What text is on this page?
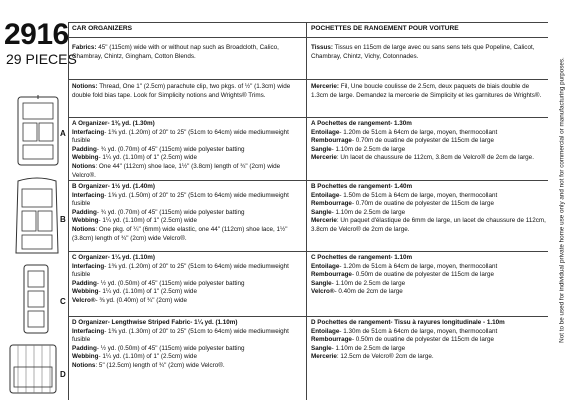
2916
29 PIECES
A
B
C
D
CAR ORGANIZERS
Fabrics: 45" (115cm) wide with or without nap such as Broadcloth, Calico, Chambray, Chintz, Gingham, Cotton Blends.
Notions: Thread, One 1" (2.5cm) parachute clip, two pkgs. of ½" (1.3cm) wide double fold bias tape. Look for Simplicity notions and Wrights® Trims.
A Organizer- 1⅜ yd. (1.30m)
Interfacing- 1⅜ yd. (1.20m) of 20" to 25" (51cm to 64cm) wide mediumweight fusible
Padding- ¾ yd. (0.70m) of 45" (115cm) wide polyester batting
Webbing- 1¼ yd. (1.10m) of 1" (2.5cm) wide
Notions: One 44" (112cm) shoe lace, 1½" (3.8cm) length of ¾" (2cm) wide Velcro®.
B Organizer- 1½ yd. (1.40m)
Interfacing- 1⅝ yd. (1.50m) of 20" to 25" (51cm to 64cm) wide mediumweight fusible
Padding- ¾ yd. (0.70m) of 45" (115cm) wide polyester batting
Webbing- 1¼ yd. (1.10m) of 1" (2.5cm) wide
Notions: One pkg. of ¼" (6mm) wide elastic, one 44" (112cm) shoe lace, 1½" (3.8cm) length of ¾" (2cm) wide Velcro®.
C Organizer- 1¼ yd. (1.10m)
Interfacing- 1⅜ yd. (1.20m) of 20" to 25" (51cm to 64cm) wide mediumweight fusible
Padding- ½ yd. (0.50m) of 45" (115cm) wide polyester batting
Webbing- 1¼ yd. (1.10m) of 1" (2.5cm) wide
Velcro®- ⅜ yd. (0.40m) of ¾" (2cm) wide
D Organizer- Lengthwise Striped Fabric- 1¼ yd. (1.10m)
Interfacing- 1⅜ yd. (1.30m) of 20" to 25" (51cm to 64cm) wide mediumweight fusible
Padding- ½ yd. (0.50m) of 45" (115cm) wide polyester batting
Webbing- 1¼ yd. (1.10m) of 1" (2.5cm) wide
Notions: 5" (12.5cm) length of ¾" (2cm) wide Velcro®.
POCHETTES DE RANGEMENT POUR VOITURE
Tissus: Tissus en 115cm de large avec ou sans sens tels que Popeline, Calicot, Chambray, Chintz, Vichy, Cotonnades.
Mercerie: Fil, Une boucle coulisse de 2.5cm, deux paquets de biais double de 1.3cm de large. Demandez la mercerie de Simplicity et les garnitures de Wrights®.
A Pochettes de rangement- 1.30m
Entoilage- 1.20m de 51cm à 64cm de large, moyen, thermocollant
Rembourrage- 0.70m de ouatine de polyester de 115cm de large
Sangle- 1.10m de 2.5cm de large
Mercerie: Un lacet de chaussure de 112cm, 3.8cm de Velcro® de 2cm de large.
B Pochettes de rangement- 1.40m
Entoilage- 1.50m de 51cm à 64cm de large, moyen, thermocollant
Rembourrage- 0.70m de ouatine de polyester de 115cm de large
Sangle- 1.10m de 2.5cm de large
Mercerie: Un paquet d'élastique de 6mm de large, un lacet de chaussure de 112cm, 3.8cm de Velcro® de 2cm de large.
C Pochettes de rangement- 1.10m
Entoilage- 1.20m de 51cm à 64cm de large, moyen, thermocollant
Rembourrage- 0.50m de ouatine de polyester de 115cm de large
Sangle- 1.10m de 2.5cm de large
Velcro®- 0.40m de 2cm de large
D Pochettes de rangement- Tissu à rayures longitudinale - 1.10m
Entoilage- 1.30m de 51cm à 64cm de large, moyen, thermocollant
Rembourrage- 0.50m de ouatine de polyester de 115cm de large
Sangle- 1.10m de 2.5cm de large
Mercerie: 12.5cm de Velcro® 2cm de large.
Not to be used for individual private home use only and not for commercial or manufacturing purposes.
